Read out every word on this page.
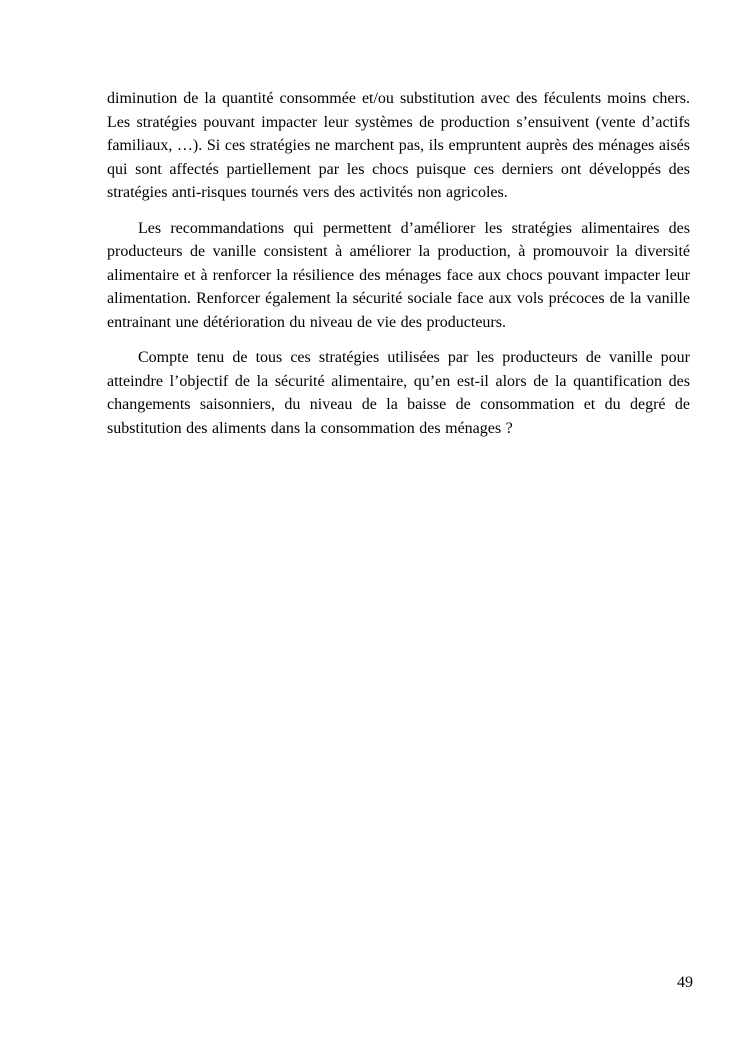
diminution de la quantité consommée et/ou substitution avec des féculents moins chers. Les stratégies pouvant impacter leur systèmes de production s’ensuivent (vente d’actifs familiaux, …). Si ces stratégies ne marchent pas, ils empruntent auprès des ménages aisés qui sont affectés partiellement par les chocs puisque ces derniers ont développés des stratégies anti-risques tournés vers des activités non agricoles.

Les recommandations qui permettent d’améliorer les stratégies alimentaires des producteurs de vanille consistent à améliorer la production, à promouvoir la diversité alimentaire et à renforcer la résilience des ménages face aux chocs pouvant impacter leur alimentation. Renforcer également la sécurité sociale face aux vols précoces de la vanille entrainant une détérioration du niveau de vie des producteurs.

Compte tenu de tous ces stratégies utilisées par les producteurs de vanille pour atteindre l’objectif de la sécurité alimentaire, qu’en est-il alors de la quantification des changements saisonniers, du niveau de la baisse de consommation et du degré de substitution des aliments dans la consommation des ménages ?

49
